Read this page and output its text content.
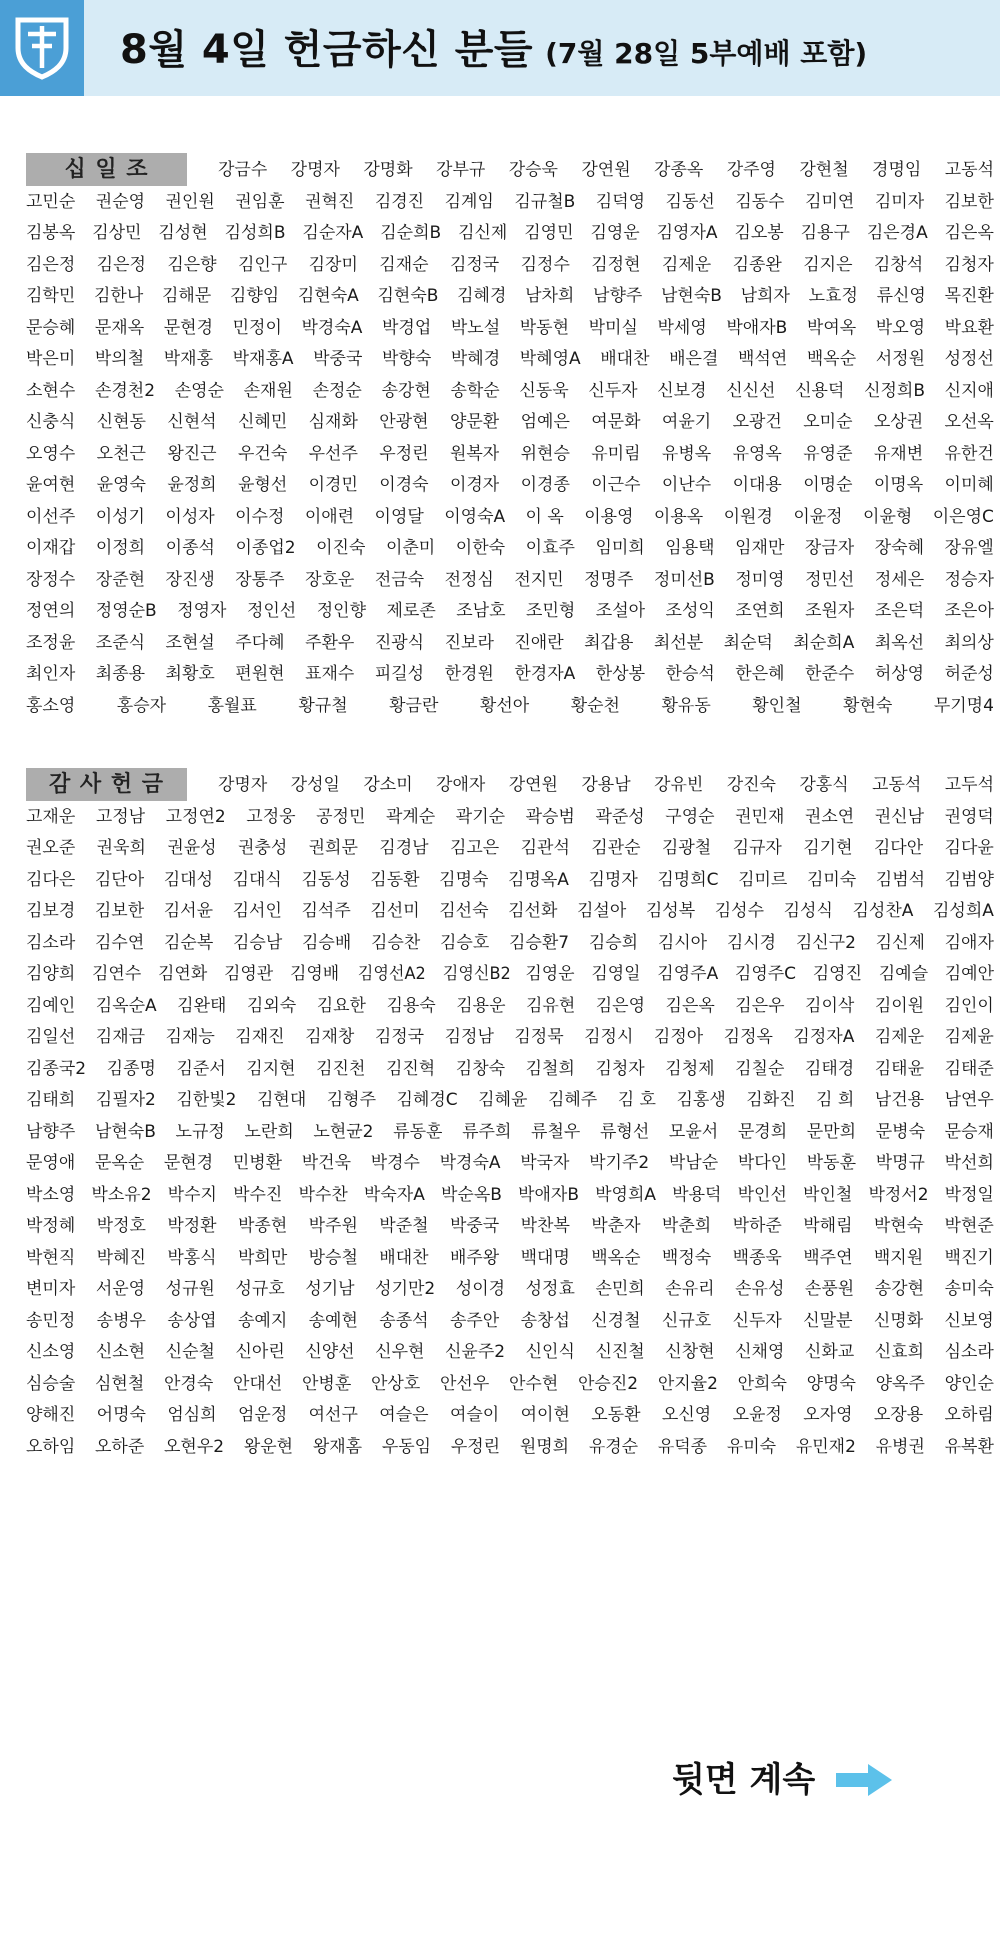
8월 4일 헌금하신 분들 (7월 28일 5부예배 포함)
십 일 조	강금수 강명자 강명화 강부규 강승욱 강연원 강종옥 강주영 강현철 경명임 고동석
고민순 권순영 권인원 권임훈 권혁진 김경진 김계임 김규철B 김덕영 김동선 김동수 김미연 김미자 김보한
김봉옥 김상민 김성현 김성희B 김순자A 김순희B 김신제 김영민 김영운 김영자A 김오봉 김용구 김은경A 김은옥
김은정 김은정 김은향 김인구 김장미 김재순 김정국 김정수 김정현 김제운 김종완 김지은 김창석 김청자
김학민 김한나 김해문 김향임 김현숙A 김현숙B 김혜경 남차희 남향주 남현숙B 남희자 노효정 류신영 목진환
문승혜 문재옥 문현경 민정이 박경숙A 박경업 박노설 박동현 박미실 박세영 박애자B 박여옥 박오영 박요환
박은미 박의철 박재홍 박재홍A 박중국 박향숙 박혜경 박혜영A 배대찬 배은결 백석연 백옥순 서정원 성정선
소현수 손경천2 손영순 손재원 손정순 송강현 송학순 신동욱 신두자 신보경 신신선 신용덕 신정희B 신지애
신충식 신현동 신현석 신혜민 심재화 안광현 양문환 엄예은 여문화 여윤기 오광건 오미순 오상권 오선옥
오영수 오천근 왕진근 우건숙 우선주 우정린 원복자 위현승 유미림 유병옥 유영옥 유영준 유재변 유한건
윤여현 윤영숙 윤정희 윤형선 이경민 이경숙 이경자 이경종 이근수 이난수 이대용 이명순 이명옥 이미혜
이선주 이성기 이성자 이수정 이애련 이영달 이영숙A 이 옥 이용영 이용옥 이원경 이윤정 이윤형 이은영C
이재갑 이정희 이종석 이종업2 이진숙 이춘미 이한숙 이효주 임미희 임용택 임재만 장금자 장숙혜 장유엘
장정수 장준현 장진생 장통주 장호운 전금숙 전정심 전지민 정명주 정미선B 정미영 정민선 정세은 정승자
정연의 정영순B 정영자 정인선 정인향 제로존 조남호 조민형 조설아 조성익 조연희 조원자 조은덕 조은아
조정윤 조준식 조현설 주다혜 주환우 진광식 진보라 진애란 최갑용 최선분 최순덕 최순희A 최옥선 최의상
최인자 최종용 최황호 편원현 표재수 피길성 한경원 한경자A 한상봉 한승석 한은혜 한준수 허상영 허준성
홍소영 홍승자 홍월표 황규철 황금란 황선아 황순천 황유동 황인철 황현숙 무기명4
감 사 헌 금	강명자 강성일 강소미 강애자 강연원 강용남 강유빈 강진숙 강홍식 고동석 고두석
고재운 고정남 고정연2 고정웅 공정민 곽계순 곽기순 곽승범 곽준성 구영순 권민재 권소연 권신남 권영덕
권오준 권욱희 권윤성 권충성 권희문 김경남 김고은 김관석 김관순 김광철 김규자 김기현 김다안 김다윤
김다은 김단아 김대성 김대식 김동성 김동환 김명숙 김명옥A 김명자 김명희C 김미르 김미숙 김범석 김범양
김보경 김보한 김서윤 김서인 김석주 김선미 김선숙 김선화 김설아 김성복 김성수 김성식 김성찬A 김성희A
김소라 김수연 김순복 김승남 김승배 김승찬 김승호 김승환7 김승희 김시아 김시경 김신구2 김신제 김애자
김양희 김연수 김연화 김영관 김영배 김영선A2 김영신B2 김영운 김영일 김영주A 김영주C 김영진 김예슬 김예안
김예인 김옥순A 김완태 김외숙 김요한 김용숙 김용운 김유현 김은영 김은옥 김은우 김이삭 김이원 김인이
김일선 김재금 김재능 김재진 김재창 김정국 김정남 김정묵 김정시 김정아 김정옥 김정자A 김제운 김제윤
김종국2 김종명 김준서 김지현 김진천 김진혁 김창숙 김철희 김청자 김청제 김칠순 김태경 김태윤 김태준
김태희 김필자2 김한빛2 김현대 김형주 김혜경C 김혜윤 김혜주 김 호 김홍생 김화진 김 희 남건용 남연우
남향주 남현숙B 노규정 노란희 노현균2 류동훈 류주희 류철우 류형선 모윤서 문경희 문만희 문병숙 문승재
문영애 문옥순 문현경 민병환 박건욱 박경수 박경숙A 박국자 박기주2 박남순 박다인 박동훈 박명규 박선희
박소영 박소유2 박수지 박수진 박수찬 박숙자A 박순옥B 박애자B 박영희A 박용덕 박인선 박인철 박정서2 박정일
박정혜 박정호 박정환 박종현 박주원 박준철 박중국 박찬복 박춘자 박춘희 박하준 박해림 박현숙 박현준
박현직 박혜진 박홍식 박희만 방승철 배대찬 배주왕 백대명 백옥순 백정숙 백종욱 백주연 백지원 백진기
변미자 서운영 성규원 성규호 성기남 성기만2 성이경 성정효 손민희 손유리 손유성 손풍원 송강현 송미숙
송민정 송병우 송상엽 송예지 송예현 송종석 송주안 송창섭 신경철 신규호 신두자 신말분 신명화 신보영
신소영 신소현 신순철 신아린 신양선 신우현 신윤주2 신인식 신진철 신창현 신채영 신화교 신효희 심소라
심승술 심현철 안경숙 안대선 안병훈 안상호 안선우 안수현 안승진2 안지율2 안희숙 양명숙 양옥주 양인순
양해진 어명숙 엄심희 엄운정 여선구 여슬은 여슬이 여이현 오동환 오신영 오윤정 오자영 오장용 오하림
오하임 오하준 오현우2 왕운현 왕재홈 우동임 우정린 원명희 유경순 유덕종 유미숙 유민재2 유병권 유복환
뒷면 계속
